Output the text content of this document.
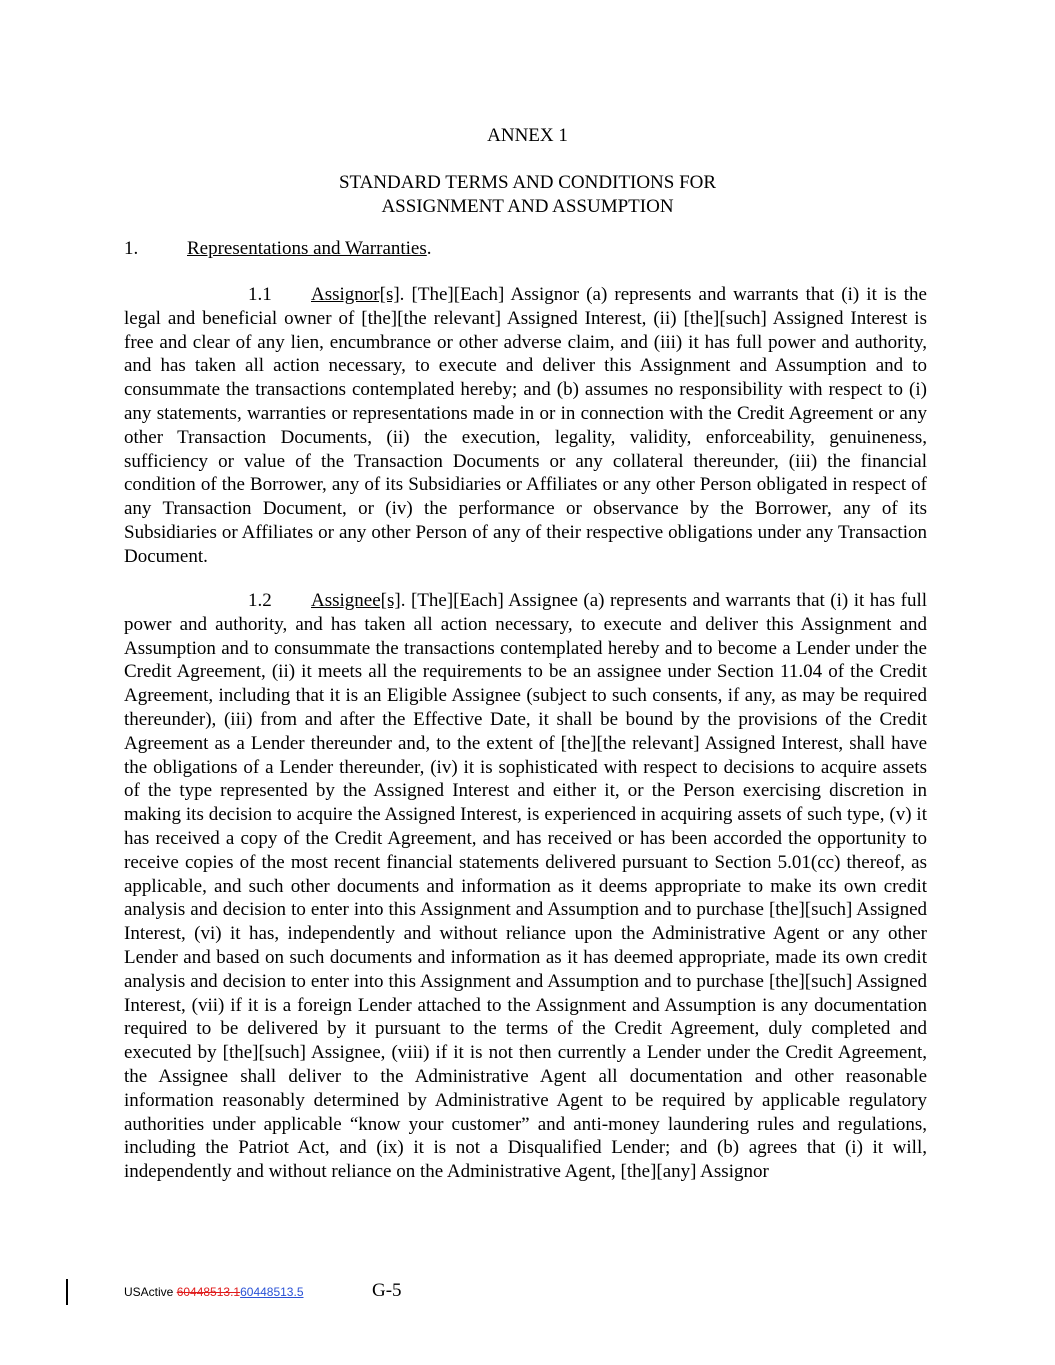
ANNEX 1
STANDARD TERMS AND CONDITIONS FOR
ASSIGNMENT AND ASSUMPTION
1.	Representations and Warranties.

1.1 Assignor[s]. [The][Each] Assignor (a) represents and warrants that (i) it is the legal and beneficial owner of [the][the relevant] Assigned Interest, (ii) [the][such] Assigned Interest is free and clear of any lien, encumbrance or other adverse claim, and (iii) it has full power and authority, and has taken all action necessary, to execute and deliver this Assignment and Assumption and to consummate the transactions contemplated hereby; and (b) assumes no responsibility with respect to (i) any statements, warranties or representations made in or in connection with the Credit Agreement or any other Transaction Documents, (ii) the execution, legality, validity, enforceability, genuineness, sufficiency or value of the Transaction Documents or any collateral thereunder, (iii) the financial condition of the Borrower, any of its Subsidiaries or Affiliates or any other Person obligated in respect of any Transaction Document, or (iv) the performance or observance by the Borrower, any of its Subsidiaries or Affiliates or any other Person of any of their respective obligations under any Transaction Document.

1.2 Assignee[s]. [The][Each] Assignee (a) represents and warrants that (i) it has full power and authority, and has taken all action necessary, to execute and deliver this Assignment and Assumption and to consummate the transactions contemplated hereby and to become a Lender under the Credit Agreement, (ii) it meets all the requirements to be an assignee under Section 11.04 of the Credit Agreement, including that it is an Eligible Assignee (subject to such consents, if any, as may be required thereunder), (iii) from and after the Effective Date, it shall be bound by the provisions of the Credit Agreement as a Lender thereunder and, to the extent of [the][the relevant] Assigned Interest, shall have the obligations of a Lender thereunder, (iv) it is sophisticated with respect to decisions to acquire assets of the type represented by the Assigned Interest and either it, or the Person exercising discretion in making its decision to acquire the Assigned Interest, is experienced in acquiring assets of such type, (v) it has received a copy of the Credit Agreement, and has received or has been accorded the opportunity to receive copies of the most recent financial statements delivered pursuant to Section 5.01(cc) thereof, as applicable, and such other documents and information as it deems appropriate to make its own credit analysis and decision to enter into this Assignment and Assumption and to purchase [the][such] Assigned Interest, (vi) it has, independently and without reliance upon the Administrative Agent or any other Lender and based on such documents and information as it has deemed appropriate, made its own credit analysis and decision to enter into this Assignment and Assumption and to purchase [the][such] Assigned Interest, (vii) if it is a foreign Lender attached to the Assignment and Assumption is any documentation required to be delivered by it pursuant to the terms of the Credit Agreement, duly completed and executed by [the][such] Assignee, (viii) if it is not then currently a Lender under the Credit Agreement, the Assignee shall deliver to the Administrative Agent all documentation and other reasonable information reasonably determined by Administrative Agent to be required by applicable regulatory authorities under applicable “know your customer” and anti-money laundering rules and regulations, including the Patriot Act, and (ix) it is not a Disqualified Lender; and (b) agrees that (i) it will, independently and without reliance on the Administrative Agent, [the][any] Assignor

USActive 60448513.160448513.5	G-5
